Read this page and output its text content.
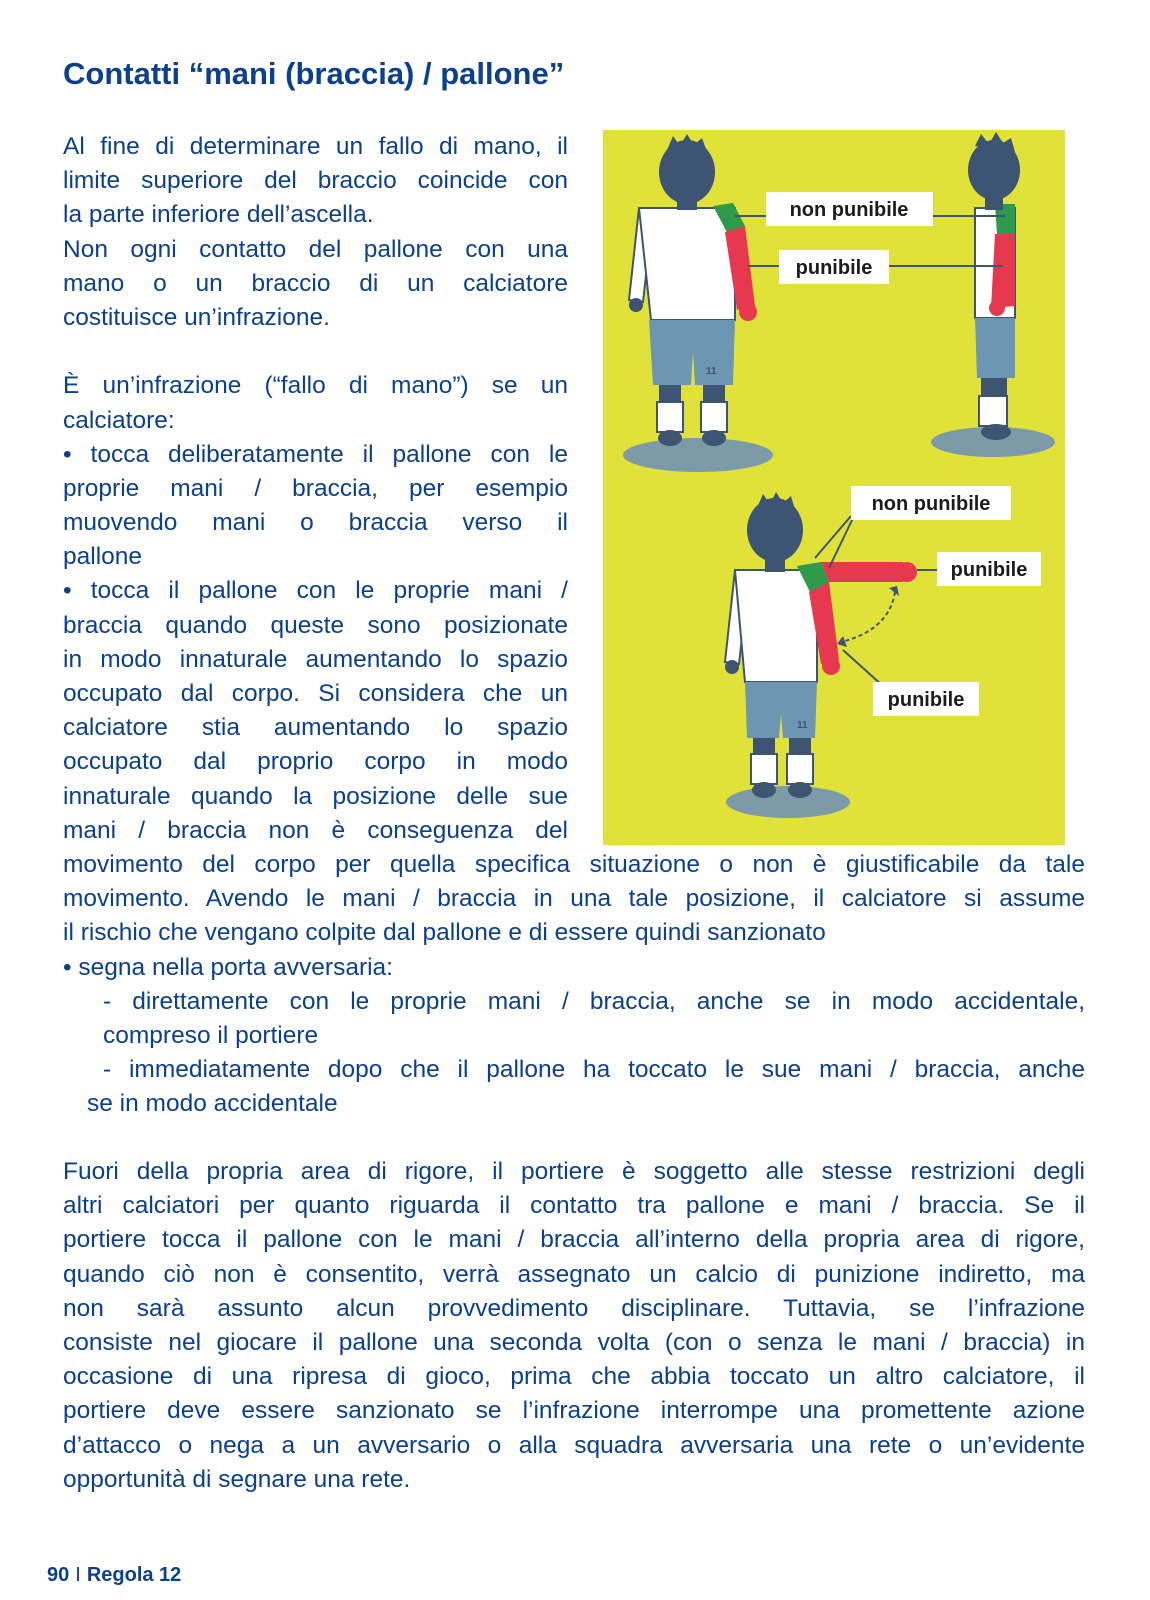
Contatti “mani (braccia) / pallone”
Al fine di determinare un fallo di mano, il
limite superiore del braccio coincide con
la parte inferiore dell’ascella.
Non ogni contatto del pallone con una
mano o un braccio di un calciatore
costituisce un’infrazione.
È un’infrazione (“fallo di mano”) se un
calciatore:
• tocca deliberatamente il pallone con le
proprie mani / braccia, per esempio
muovendo mani o braccia verso il
pallone
• tocca il pallone con le proprie mani /
braccia quando queste sono posizionate
in modo innaturale aumentando lo spazio
occupato dal corpo. Si considera che un
calciatore stia aumentando lo spazio
occupato dal proprio corpo in modo
innaturale quando la posizione delle sue
mani / braccia non è conseguenza del
movimento del corpo per quella specifica situazione o non è giustificabile da tale
movimento. Avendo le mani / braccia in una tale posizione, il calciatore si assume
il rischio che vengano colpite dal pallone e di essere quindi sanzionato
• segna nella porta avversaria:
- direttamente con le proprie mani / braccia, anche se in modo accidentale,
compreso il portiere
- immediatamente dopo che il pallone ha toccato le sue mani / braccia, anche
se in modo accidentale
Fuori della propria area di rigore, il portiere è soggetto alle stesse restrizioni degli
altri calciatori per quanto riguarda il contatto tra pallone e mani / braccia. Se il
portiere tocca il pallone con le mani / braccia all’interno della propria area di rigore,
quando ciò non è consentito, verrà assegnato un calcio di punizione indiretto, ma
non sarà assunto alcun provvedimento disciplinare. Tuttavia, se l’infrazione
consiste nel giocare il pallone una seconda volta (con o senza le mani / braccia) in
occasione di una ripresa di gioco, prima che abbia toccato un altro calciatore, il
portiere deve essere sanzionato se l’infrazione interrompe una promettente azione
d’attacco o nega a un avversario o alla squadra avversaria una rete o un’evidente
opportunità di segnare una rete.
11
non punibile
punibile
11
non punibile
punibile
punibile
90 I Regola 12
